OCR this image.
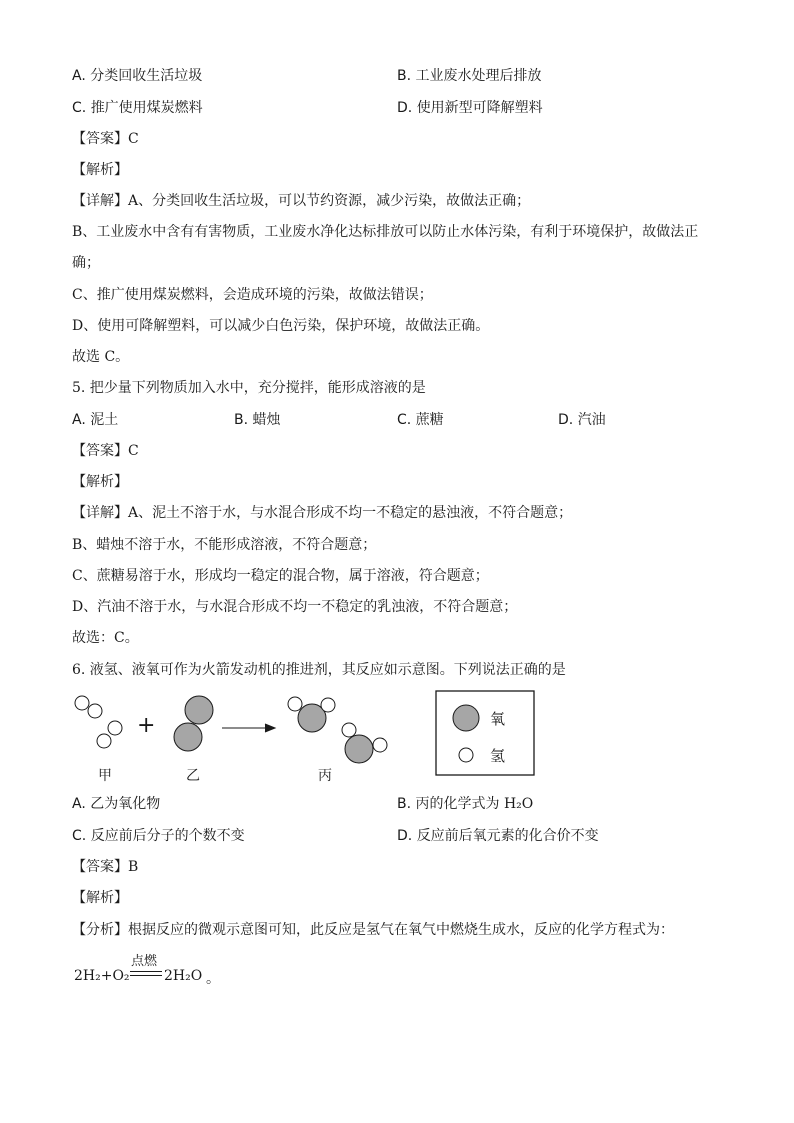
A. 分类回收生活垃圾	B. 工业废水处理后排放
C. 推广使用煤炭燃料	D. 使用新型可降解塑料
【答案】C
【解析】
【详解】A、分类回收生活垃圾，可以节约资源，减少污染，故做法正确；
B、工业废水中含有有害物质，工业废水净化达标排放可以防止水体污染，有利于环境保护，故做法正
确；
C、推广使用煤炭燃料，会造成环境的污染，故做法错误；
D、使用可降解塑料，可以减少白色污染，保护环境，故做法正确。
故选 C。
5. 把少量下列物质加入水中，充分搅拌，能形成溶液的是
A. 泥土	B. 蜡烛	C. 蔗糖	D. 汽油
【答案】C
【解析】
【详解】A、泥土不溶于水，与水混合形成不均一不稳定的悬浊液，不符合题意；
B、蜡烛不溶于水，不能形成溶液，不符合题意；
C、蔗糖易溶于水，形成均一稳定的混合物，属于溶液，符合题意；
D、汽油不溶于水，与水混合形成不均一不稳定的乳浊液，不符合题意；
故选：C。
6. 液氢、液氧可作为火箭发动机的推进剂，其反应如示意图。下列说法正确的是
+
甲	乙	丙
氧
氢
A. 乙为氧化物	B. 丙的化学式为 H₂O
C. 反应前后分子的个数不变	D. 反应前后氧元素的化合价不变
【答案】B
【解析】
【分析】根据反应的微观示意图可知，此反应是氢气在氧气中燃烧生成水，反应的化学方程式为：
2H₂+O₂
点燃
2H₂O 。
